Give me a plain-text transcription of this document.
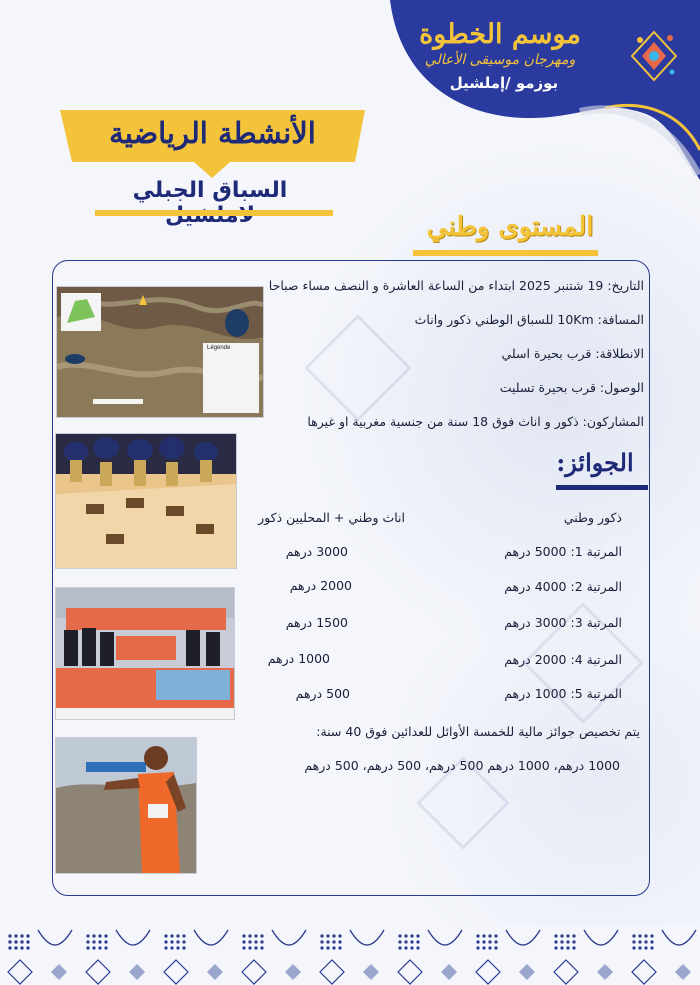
موسم الخطوة
ومهرجان موسيقى الأعالي
بوزمو /إملشيل
الأنشطة الرياضية
السباق الجبلي
المستوى وطني
التاريخ: 19 شتنبر 2025 ابتداء من الساعة العاشرة و النصف مساء صباحا
المسافة: 10Km للسباق الوطني ذكور واناث
الانطلاقة: قرب بحيرة اسلي
الوصول: قرب بحيرة تسليت
المشاركون: ذكور و اناث فوق 18 سنة من جنسية مغربية او غيرها
الجوائز:
ذكور وطني
اناث وطني + المحليين ذكور
المرتبة 1: 5000 درهم
المرتبة 2: 4000 درهم
المرتبة 3: 3000 درهم
المرتبة 4: 2000 درهم
المرتبة 5: 1000 درهم
3000 درهم
2000 درهم
1500 درهم
1000 درهم
500 درهم
يتم تخصيص جوائز مالية للخمسة الأوائل للعدائين فوق 40 سنة:
1000 درهم، 1000 درهم 500 درهم، 500 درهم، 500 درهم
Légende
